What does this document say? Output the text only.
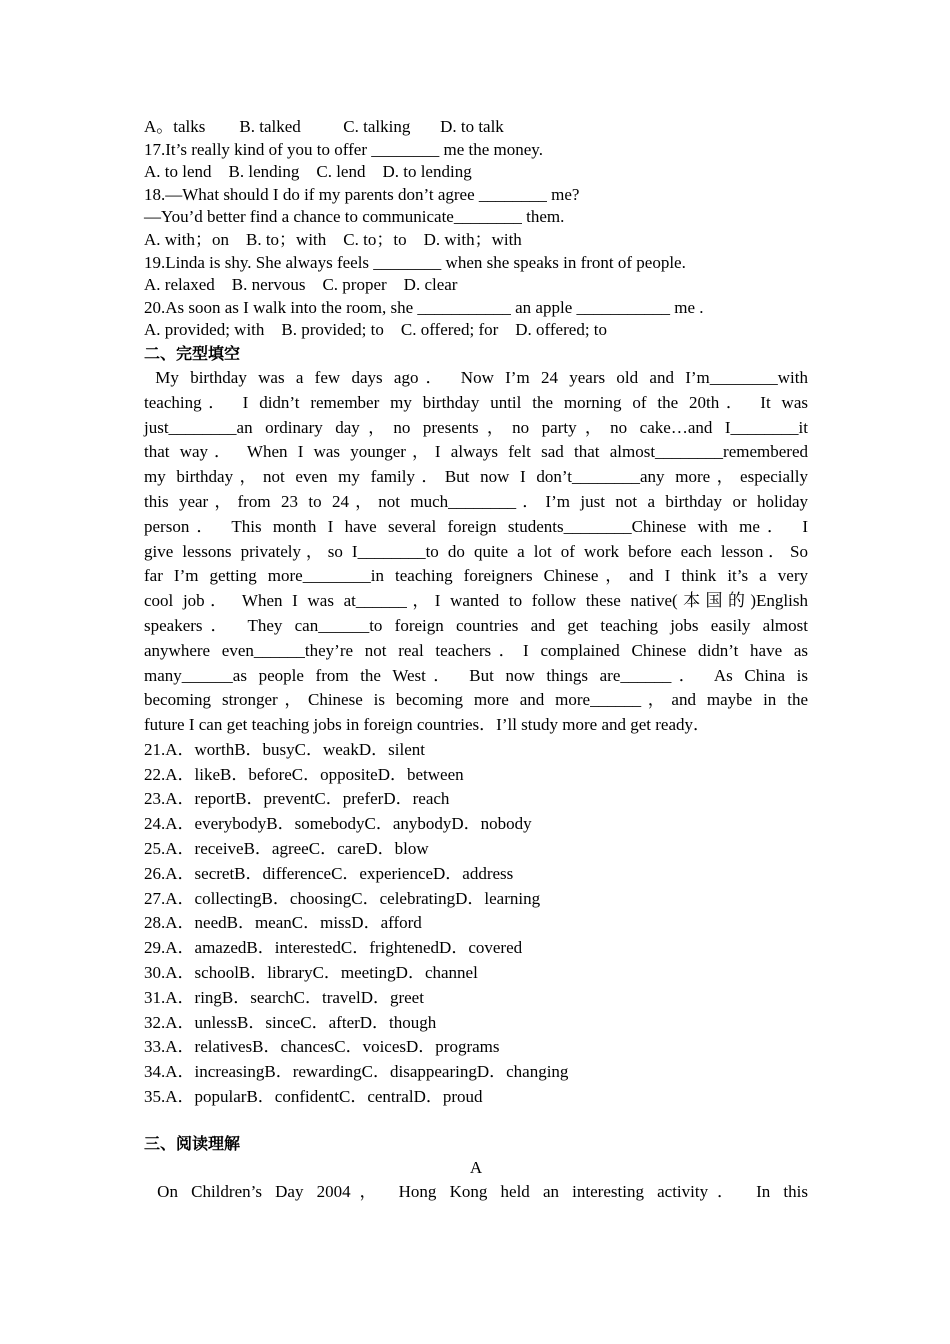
A。talks        B. talked          C. talking       D. to talk
17.It’s really kind of you to offer ________ me the money.
A. to lend    B. lending    C. lend    D. to lending
18.—What should I do if my parents don’t agree ________ me?
—You’d better find a chance to communicate________ them.
A. with；on    B. to；with    C. to；to    D. with；with
19.Linda is shy. She always feels ________ when she speaks in front of people.
A. relaxed    B. nervous    C. proper    D. clear
20.As soon as I walk into the room, she ___________ an apple ___________ me .
A. provided; with    B. provided; to    C. offered; for    D. offered; to
二、完型填空

My birthday was a few days ago． Now I’m 24 years old and I’m________with

teaching． I didn’t remember my birthday until the morning of the 20th． It was

just________an ordinary day，no presents，no party，no cake…and I________it

that way． When I was younger，I always felt sad that almost________remembered

my birthday，not even my family．But now I don’t________any more，especially

this year，from 23 to 24，not much________．I’m just not a birthday or holiday

person． This month I have several foreign students________Chinese with me． I

give lessons privately，so I________to do quite a lot of work before each lesson．So

far I’m getting more________in teaching foreigners Chinese，and I think it’s a very

cool job． When I was at______，I wanted to follow these native(本国的)English

speakers． They can______to foreign countries and get teaching jobs easily almost

anywhere even______they’re not real teachers．I complained Chinese didn’t have as

many______as people from the West． But now things are______． As China is

becoming stronger，Chinese is becoming more and more______，and maybe in the

future I can get teaching jobs in foreign countries．I’ll study more and get ready．

21.A．worthB．busyC．weakD．silent
22.A．likeB．beforeC．oppositeD．between
23.A．reportB．preventC．preferD．reach
24.A．everybodyB．somebodyC．anybodyD．nobody
25.A．receiveB．agreeC．careD．blow
26.A．secretB．differenceC．experienceD．address
27.A．collectingB．choosingC．celebratingD．learning
28.A．needB．meanC．missD．afford
29.A．amazedB．interestedC．frightenedD．covered
30.A．schoolB．libraryC．meetingD．channel
31.A．ringB．searchC．travelD．greet
32.A．unlessB．sinceC．afterD．though
33.A．relativesB．chancesC．voicesD．programs
34.A．increasingB．rewardingC．disappearingD．changing
35.A．popularB．confidentC．centralD．proud
三、阅读理解
A

On Children’s Day 2004， Hong Kong held an interesting activity． In this
